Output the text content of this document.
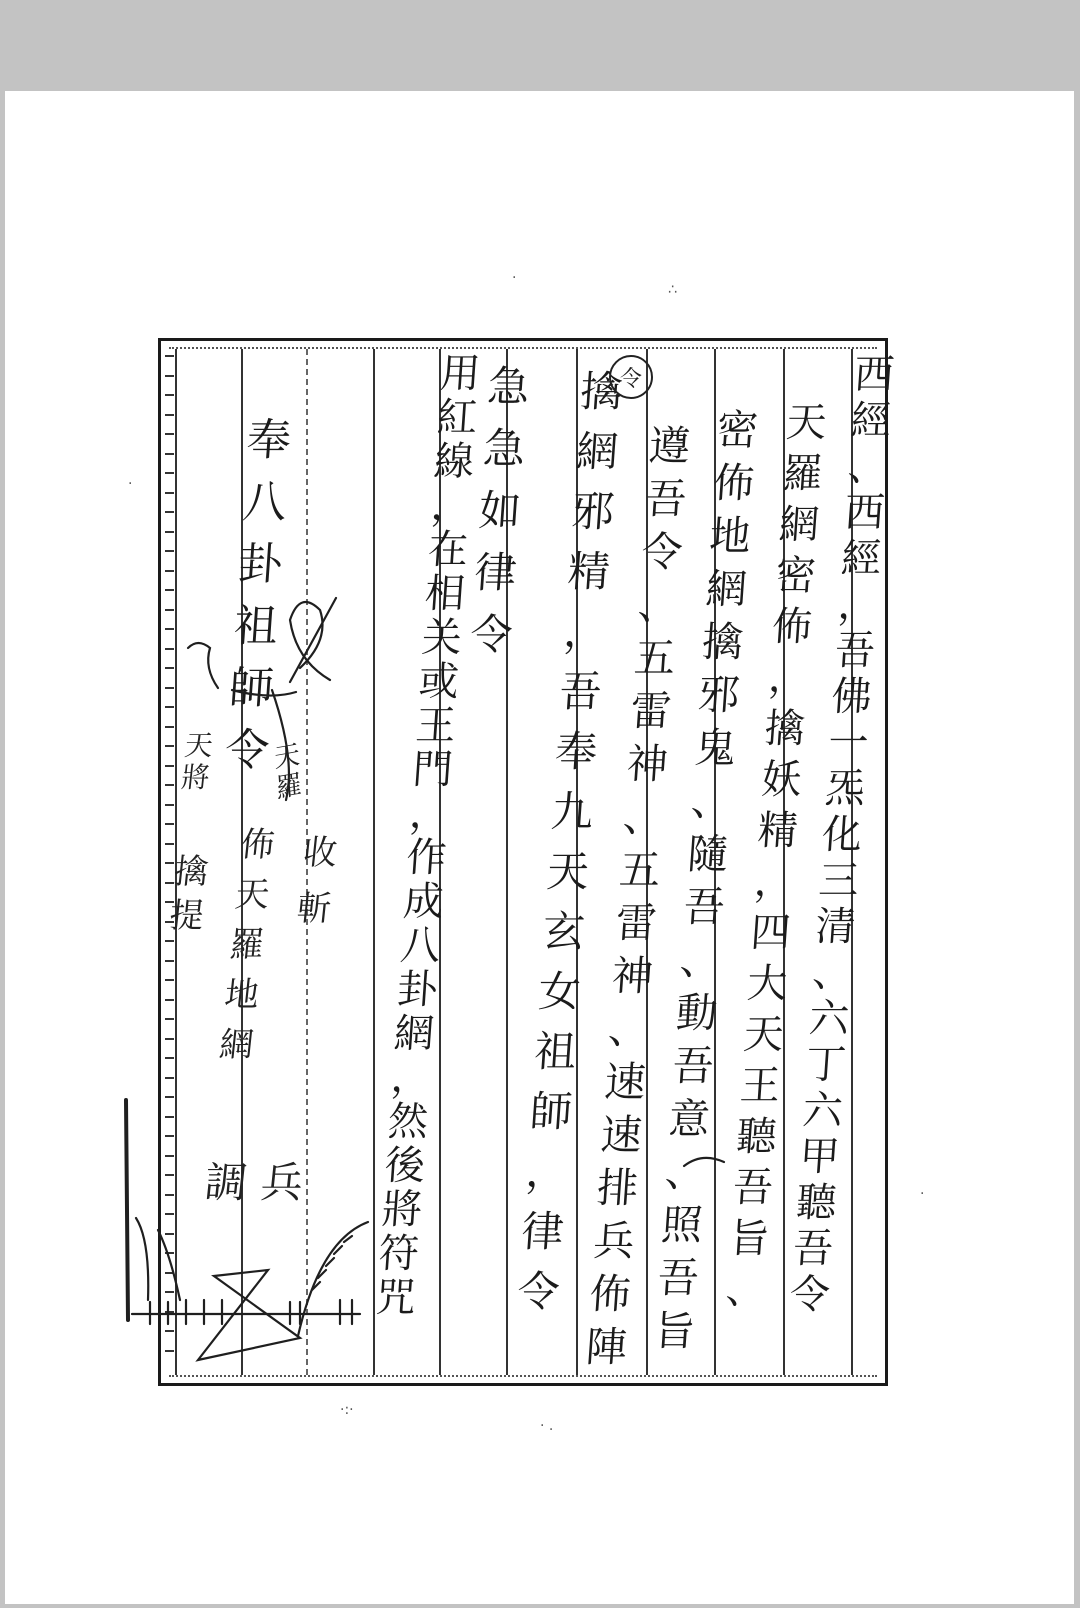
西
經
、
西
經
，
吾
佛
一
炁
化
三
清
、
六
丁
六
甲
聽
吾
令
天
羅
網
密
佈
，
擒
妖
精
，
四
大
天
王
聽
吾
旨
、
密
佈
地
網
擒
邪
鬼
、
隨
吾
、
動
吾
意
、
照
吾
旨
遵
吾
令
、
五
雷
神
、
五
雷
神
、
速
速
排
兵
佈
陣
擒
網
邪
精
，
吾
奉
九
天
玄
女
祖
師
，
律
令
急
急
如
律
令
用
紅
線
，
在
相
关
或
王
門
，
作
成
八
卦
網
，
然
後
將
符
咒
奉
八
卦
祖
師
令
令
天
將
擒
提
天
羅
佈
天
羅
地
網
收
斬
調 兵
·
∴
·
·
·:·
· .
